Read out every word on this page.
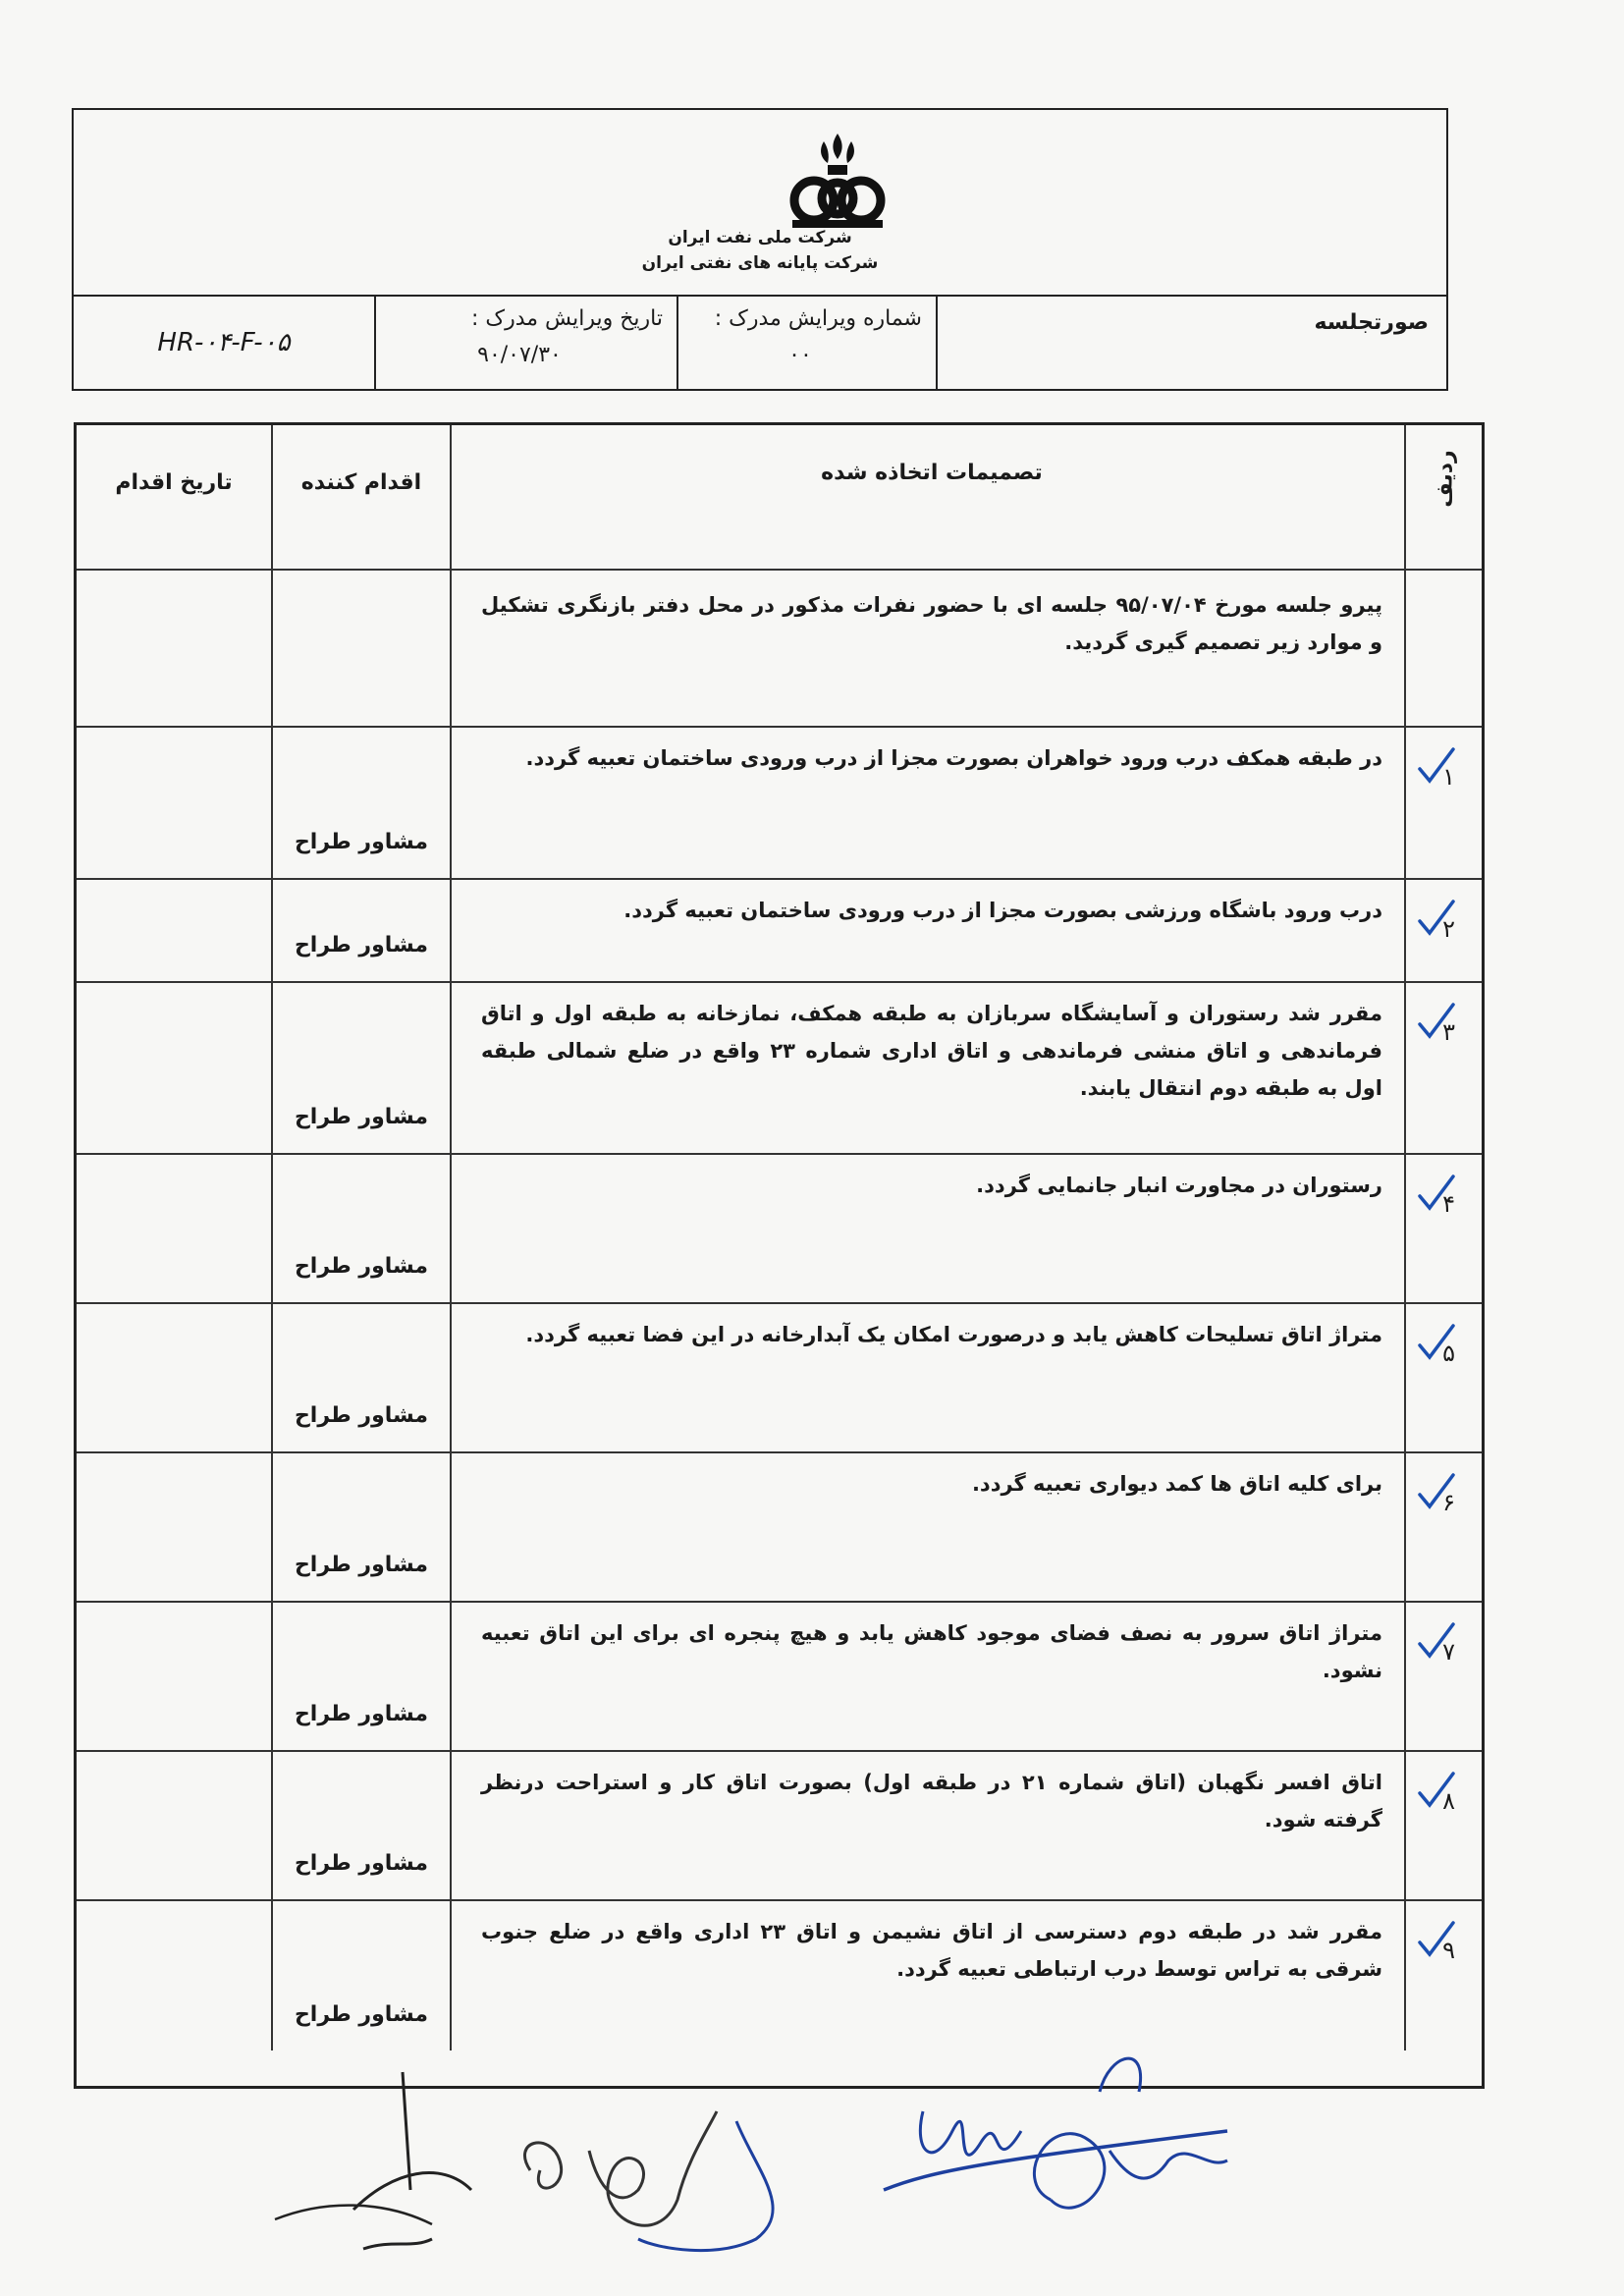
شرکت ملی نفت ایران
شرکت پایانه های نفتی ایران
صورتجلسه
شماره ویرایش مدرک :
۰۰
تاریخ ویرایش مدرک :
۹۰/۰۷/۳۰
HR-۰۴-F-۰۵
ردیف
تصمیمات اتخاذه شده
اقدام کننده
تاریخ اقدام
پیرو جلسه مورخ ۹۵/۰۷/۰۴ جلسه ای با حضور نفرات مذکور در محل دفتر بازنگری تشکیل و موارد زیر تصمیم گیری گردید.
۱
در طبقه همکف درب ورود خواهران بصورت مجزا از درب ورودی ساختمان تعبیه گردد.
مشاور طراح
۲
درب ورود باشگاه ورزشی بصورت مجزا از درب ورودی ساختمان تعبیه گردد.
مشاور طراح
۳
مقرر شد رستوران و آسایشگاه سربازان به طبقه همکف، نمازخانه به طبقه اول و اتاق فرماندهی و اتاق منشی فرماندهی و اتاق اداری شماره ۲۳ واقع در ضلع شمالی طبقه اول به طبقه دوم انتقال یابند.
مشاور طراح
۴
رستوران در مجاورت انبار جانمایی گردد.
مشاور طراح
۵
متراژ اتاق تسلیحات کاهش یابد و درصورت امکان یک آبدارخانه در این فضا تعبیه گردد.
مشاور طراح
۶
برای کلیه اتاق ها کمد دیواری تعبیه گردد.
مشاور طراح
۷
متراژ اتاق سرور به نصف فضای موجود کاهش یابد و هیچ پنجره ای برای این اتاق تعبیه نشود.
مشاور طراح
۸
اتاق افسر نگهبان (اتاق شماره ۲۱ در طبقه اول) بصورت اتاق کار و استراحت درنظر گرفته شود.
مشاور طراح
۹
مقرر شد در طبقه دوم دسترسی از اتاق نشیمن و اتاق ۲۳ اداری واقع در ضلع جنوب شرقی به تراس توسط درب ارتباطی تعبیه گردد.
مشاور طراح
